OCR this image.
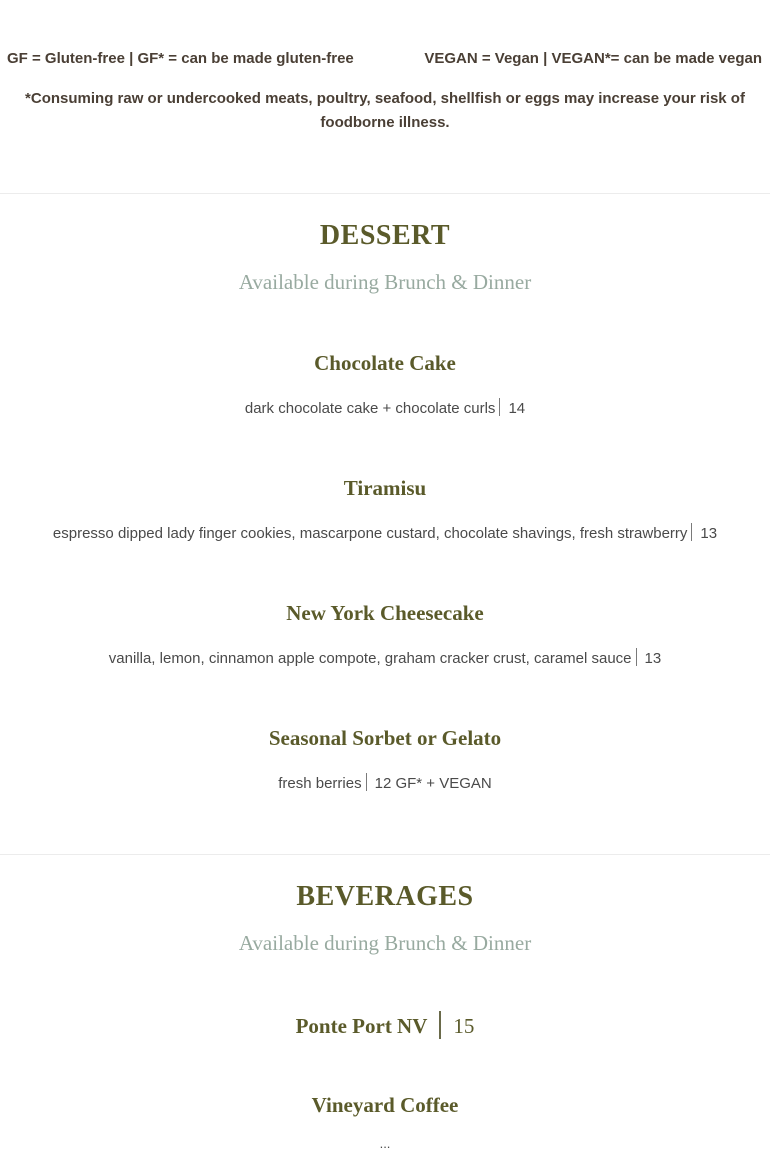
GF = Gluten-free | GF* = can be made gluten-free	VEGAN = Vegan | VEGAN*= can be made vegan
*Consuming raw or undercooked meats, poultry, seafood, shellfish or eggs may increase your risk of foodborne illness.
DESSERT
Available during Brunch & Dinner
Chocolate Cake
dark chocolate cake + chocolate curls 14
Tiramisu
espresso dipped lady finger cookies, mascarpone custard, chocolate shavings, fresh strawberry 13
New York Cheesecake
vanilla, lemon, cinnamon apple compote, graham cracker crust, caramel sauce 13
Seasonal Sorbet or Gelato
fresh berries 12 GF* + VEGAN
BEVERAGES
Available during Brunch & Dinner
Ponte Port NV 15
Vineyard Coffee
...
